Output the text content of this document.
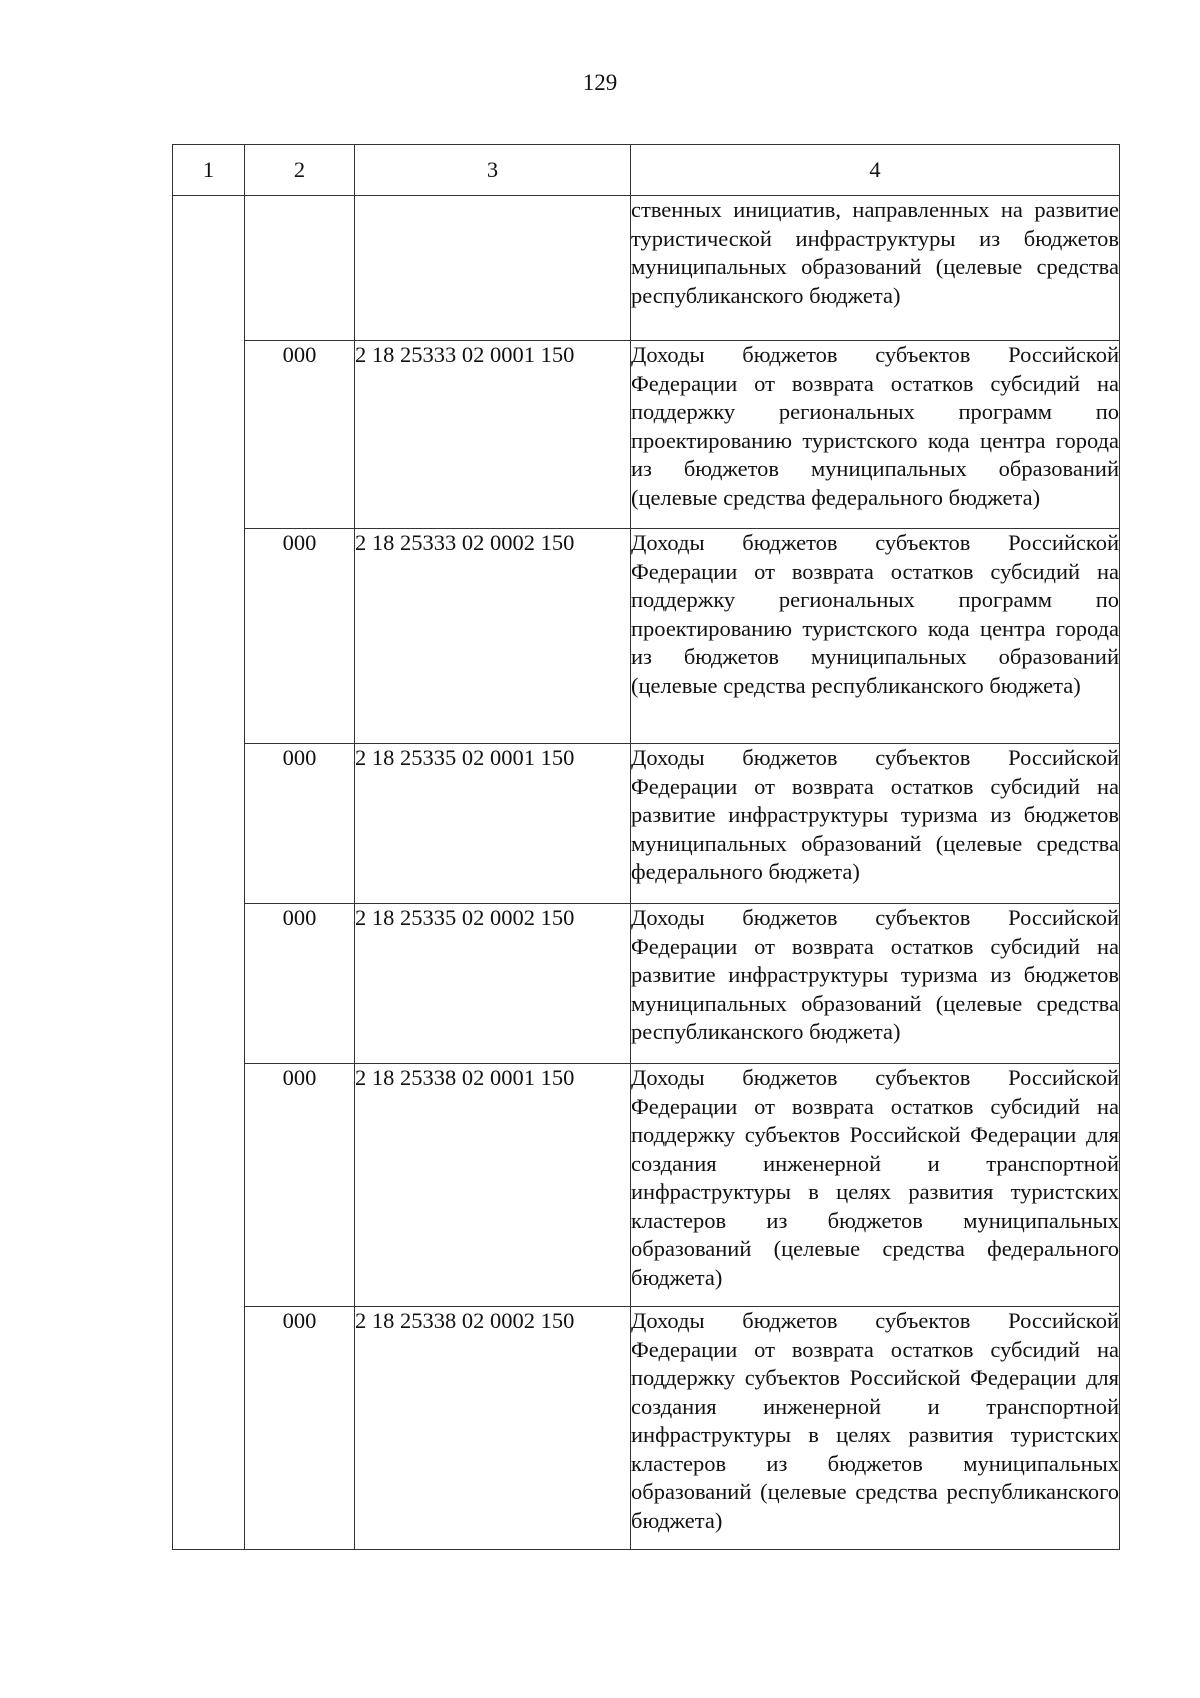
129
1	2	3	4
			ственных инициатив, направленных на развитие туристической инфраструктуры из бюджетов муниципальных образований (целевые средства республиканского бюджета)
	000	2 18 25333 02 0001 150	Доходы бюджетов субъектов Российской Федерации от возврата остатков субсидий на поддержку региональных программ по проектированию туристского кода центра города из бюджетов муниципальных образований (целевые средства федерального бюджета)
	000	2 18 25333 02 0002 150	Доходы бюджетов субъектов Российской Федерации от возврата остатков субсидий на поддержку региональных программ по проектированию туристского кода центра города из бюджетов муниципальных образований (целевые средства республиканского бюджета)
	000	2 18 25335 02 0001 150	Доходы бюджетов субъектов Российской Федерации от возврата остатков субсидий на развитие инфраструктуры туризма из бюджетов муниципальных образований (целевые средства федерального бюджета)
	000	2 18 25335 02 0002 150	Доходы бюджетов субъектов Российской Федерации от возврата остатков субсидий на развитие инфраструктуры туризма из бюджетов муниципальных образований (целевые средства республиканского бюджета)
	000	2 18 25338 02 0001 150	Доходы бюджетов субъектов Российской Федерации от возврата остатков субсидий на поддержку субъектов Российской Федерации для создания инженерной и транспортной инфраструктуры в целях развития туристских кластеров из бюджетов муниципальных образований (целевые средства федерального бюджета)
	000	2 18 25338 02 0002 150	Доходы бюджетов субъектов Российской Федерации от возврата остатков субсидий на поддержку субъектов Российской Федерации для создания инженерной и транспортной инфраструктуры в целях развития туристских кластеров из бюджетов муниципальных образований (целевые средства республиканского бюджета)
